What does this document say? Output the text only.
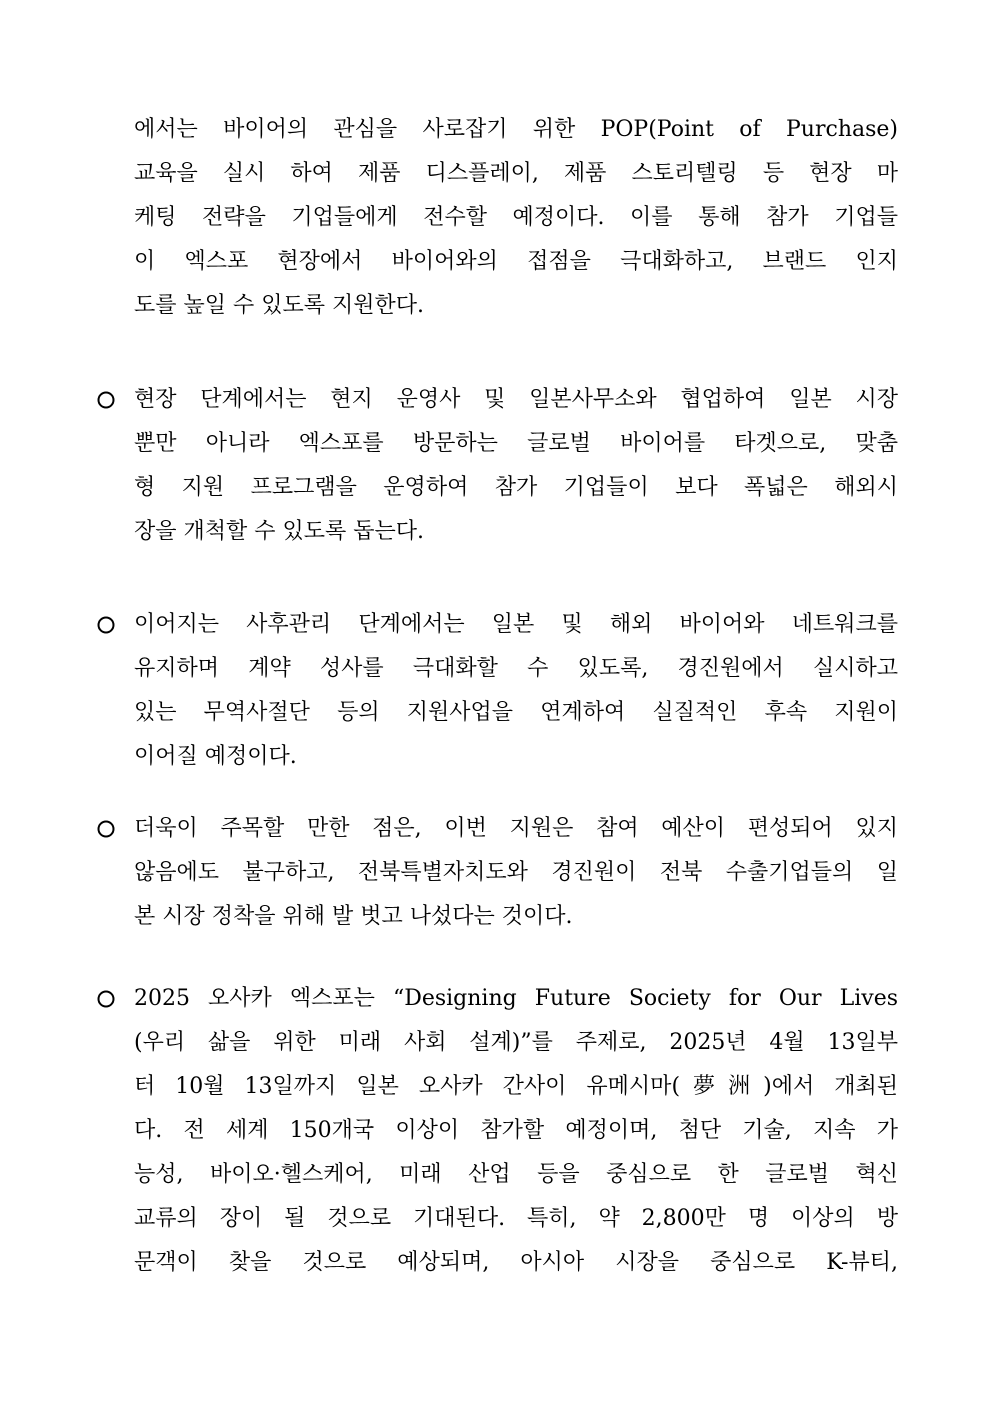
에서는 바이어의 관심을 사로잡기 위한 POP(Point of Purchase)
교육을 실시 하여 제품 디스플레이, 제품 스토리텔링 등 현장 마
케팅 전략을 기업들에게 전수할 예정이다. 이를 통해 참가 기업들
이 엑스포 현장에서 바이어와의 접점을 극대화하고, 브랜드 인지
도를 높일 수 있도록 지원한다.
현장 단계에서는 현지 운영사 및 일본사무소와 협업하여 일본 시장
뿐만 아니라 엑스포를 방문하는 글로벌 바이어를 타겟으로, 맞춤
형 지원 프로그램을 운영하여 참가 기업들이 보다 폭넓은 해외시
장을 개척할 수 있도록 돕는다.
이어지는 사후관리 단계에서는 일본 및 해외 바이어와 네트워크를
유지하며 계약 성사를 극대화할 수 있도록, 경진원에서 실시하고
있는 무역사절단 등의 지원사업을 연계하여 실질적인 후속 지원이
이어질 예정이다.
더욱이 주목할 만한 점은, 이번 지원은 참여 예산이 편성되어 있지
않음에도 불구하고, 전북특별자치도와 경진원이 전북 수출기업들의 일
본 시장 정착을 위해 발 벗고 나섰다는 것이다.
2025 오사카 엑스포는 “Designing Future Society for Our Lives
(우리 삶을 위한 미래 사회 설계)”를 주제로, 2025년 4월 13일부
터 10월 13일까지 일본 오사카 간사이 유메시마(夢洲)에서 개최된
다. 전 세계 150개국 이상이 참가할 예정이며, 첨단 기술, 지속 가
능성, 바이오·헬스케어, 미래 산업 등을 중심으로 한 글로벌 혁신
교류의 장이 될 것으로 기대된다. 특히, 약 2,800만 명 이상의 방
문객이 찾을 것으로 예상되며, 아시아 시장을 중심으로 K-뷰티,
